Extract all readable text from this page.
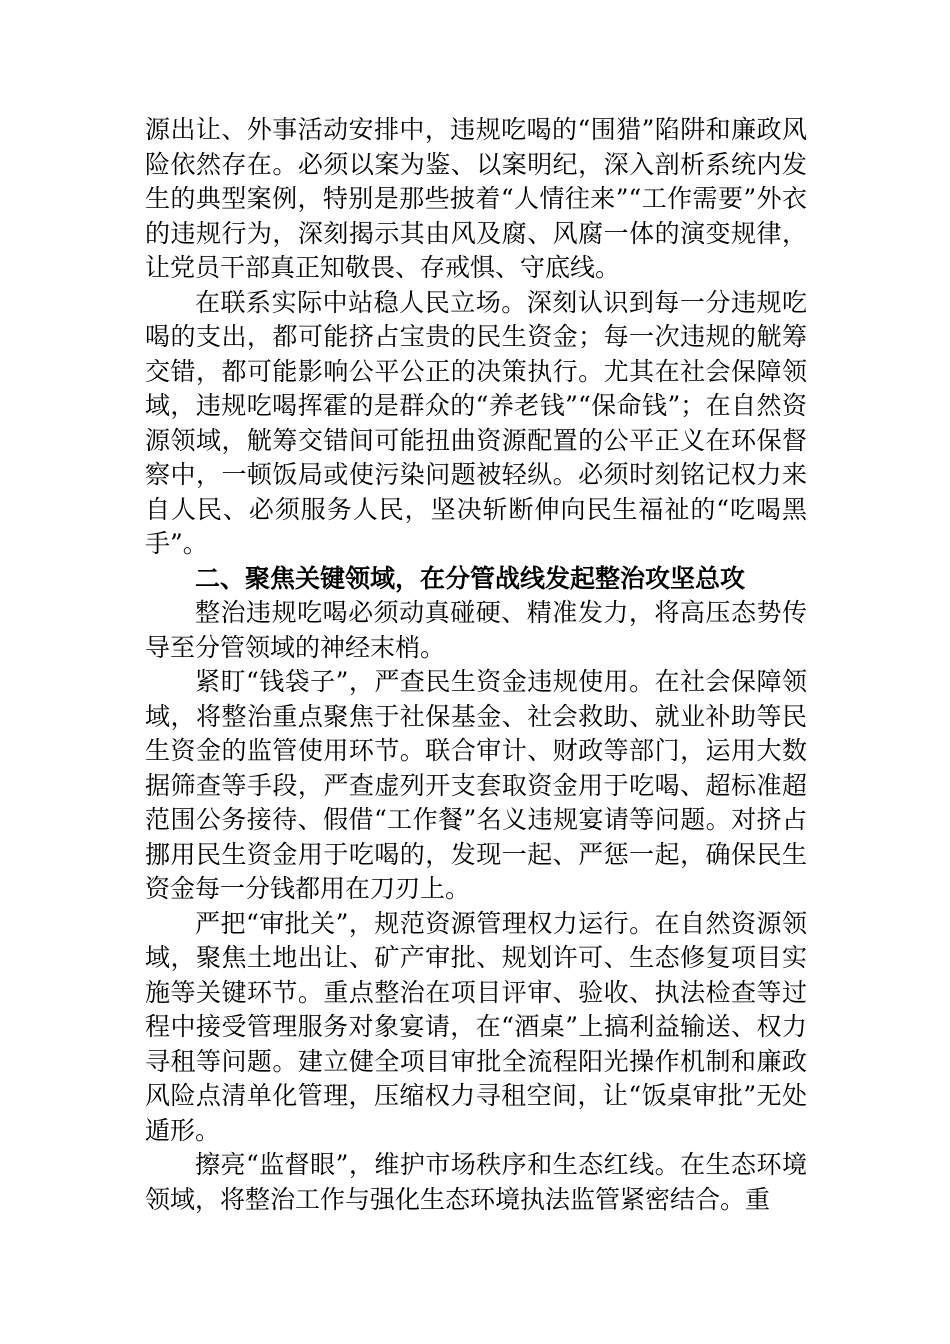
源出让、外事活动安排中，违规吃喝的“围猎”陷阱和廉政风险依然存在。必须以案为鉴、以案明纪，深入剖析系统内发生的典型案例，特别是那些披着“人情往来”“工作需要”外衣的违规行为，深刻揭示其由风及腐、风腐一体的演变规律，让党员干部真正知敬畏、存戒惧、守底线。

在联系实际中站稳人民立场。深刻认识到每一分违规吃喝的支出，都可能挤占宝贵的民生资金；每一次违规的觥筹交错，都可能影响公平公正的决策执行。尤其在社会保障领域，违规吃喝挥霍的是群众的“养老钱”“保命钱”；在自然资源领域，觥筹交错间可能扭曲资源配置的公平正义在环保督察中，一顿饭局或使污染问题被轻纵。必须时刻铭记权力来自人民、必须服务人民，坚决斩断伸向民生福祉的“吃喝黑手”。

二、聚焦关键领域，在分管战线发起整治攻坚总攻

整治违规吃喝必须动真碰硬、精准发力，将高压态势传导至分管领域的神经末梢。

紧盯“钱袋子”，严查民生资金违规使用。在社会保障领域，将整治重点聚焦于社保基金、社会救助、就业补助等民生资金的监管使用环节。联合审计、财政等部门，运用大数据筛查等手段，严查虚列开支套取资金用于吃喝、超标准超范围公务接待、假借“工作餐”名义违规宴请等问题。对挤占挪用民生资金用于吃喝的，发现一起、严惩一起，确保民生资金每一分钱都用在刀刃上。

严把“审批关”，规范资源管理权力运行。在自然资源领域，聚焦土地出让、矿产审批、规划许可、生态修复项目实施等关键环节。重点整治在项目评审、验收、执法检查等过程中接受管理服务对象宴请，在“酒桌”上搞利益输送、权力寻租等问题。建立健全项目审批全流程阳光操作机制和廉政风险点清单化管理，压缩权力寻租空间，让“饭桌审批”无处遁形。

擦亮“监督眼”，维护市场秩序和生态红线。在生态环境领域，将整治工作与强化生态环境执法监管紧密结合。重
